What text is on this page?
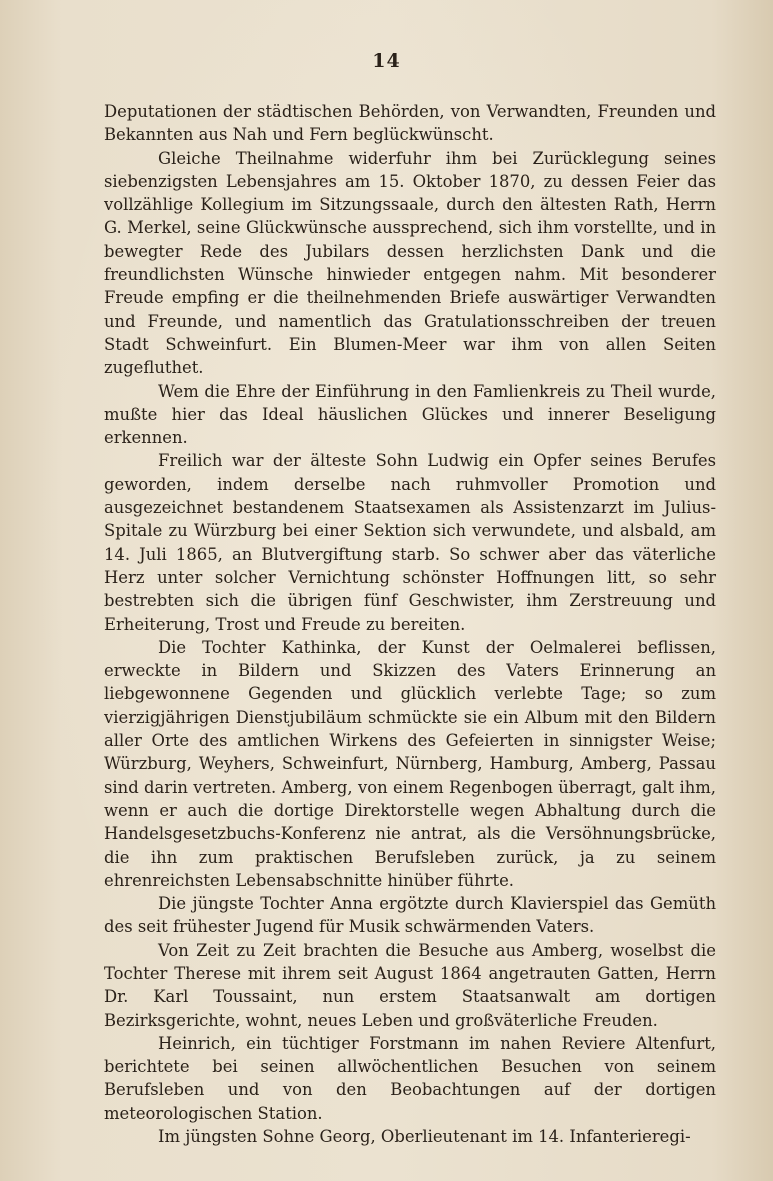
14

Deputationen der städtischen Behörden, von Verwandten, Freunden und Bekannten aus Nah und Fern beglückwünscht.

Gleiche Theilnahme widerfuhr ihm bei Zurücklegung seines siebenzigsten Lebensjahres am 15. Oktober 1870, zu dessen Feier das vollzählige Kollegium im Sitzungssaale, durch den ältesten Rath, Herrn G. Merkel, seine Glückwünsche aussprechend, sich ihm vorstellte, und in bewegter Rede des Jubilars dessen herzlichsten Dank und die freundlichsten Wünsche hinwieder entgegen nahm. Mit besonderer Freude empfing er die theilnehmenden Briefe auswärtiger Verwandten und Freunde, und namentlich das Gratulationsschreiben der treuen Stadt Schweinfurt. Ein Blumen-Meer war ihm von allen Seiten zugefluthet.

Wem die Ehre der Einführung in den Famlienkreis zu Theil wurde, mußte hier das Ideal häuslichen Glückes und innerer Beseligung erkennen.

Freilich war der älteste Sohn Ludwig ein Opfer seines Berufes geworden, indem derselbe nach ruhmvoller Promotion und ausgezeichnet bestandenem Staatsexamen als Assistenzarzt im Julius-Spitale zu Würzburg bei einer Sektion sich verwundete, und alsbald, am 14. Juli 1865, an Blutvergiftung starb. So schwer aber das väterliche Herz unter solcher Vernichtung schönster Hoffnungen litt, so sehr bestrebten sich die übrigen fünf Geschwister, ihm Zerstreuung und Erheiterung, Trost und Freude zu bereiten.

Die Tochter Kathinka, der Kunst der Oelmalerei beflissen, erweckte in Bildern und Skizzen des Vaters Erinnerung an liebgewonnene Gegenden und glücklich verlebte Tage; so zum vierzigjährigen Dienstjubiläum schmückte sie ein Album mit den Bildern aller Orte des amtlichen Wirkens des Gefeierten in sinnigster Weise; Würzburg, Weyhers, Schweinfurt, Nürnberg, Hamburg, Amberg, Passau sind darin vertreten. Amberg, von einem Regenbogen überragt, galt ihm, wenn er auch die dortige Direktorstelle wegen Abhaltung durch die Handelsgesetzbuchs-Konferenz nie antrat, als die Versöhnungsbrücke, die ihn zum praktischen Berufsleben zurück, ja zu seinem ehrenreichsten Lebensabschnitte hinüber führte.

Die jüngste Tochter Anna ergötzte durch Klavierspiel das Gemüth des seit frühester Jugend für Musik schwärmenden Vaters.

Von Zeit zu Zeit brachten die Besuche aus Amberg, woselbst die Tochter Therese mit ihrem seit August 1864 angetrauten Gatten, Herrn Dr. Karl Toussaint, nun erstem Staatsanwalt am dortigen Bezirksgerichte, wohnt, neues Leben und großväterliche Freuden.

Heinrich, ein tüchtiger Forstmann im nahen Reviere Altenfurt, berichtete bei seinen allwöchentlichen Besuchen von seinem Berufsleben und von den Beobachtungen auf der dortigen meteorologischen Station.

Im jüngsten Sohne Georg, Oberlieutenant im 14. Infanterieregi-
